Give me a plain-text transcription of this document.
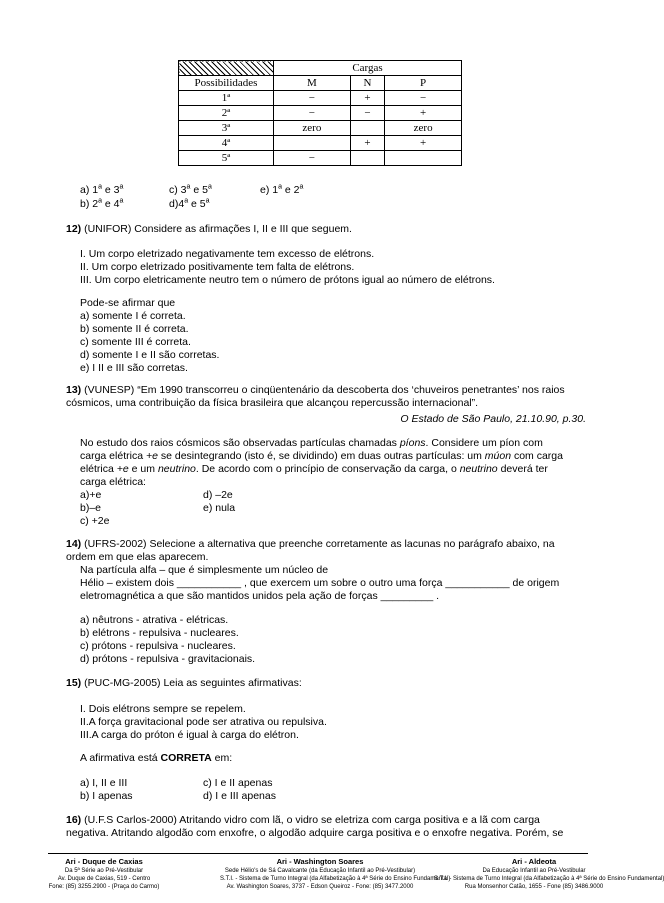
	Cargas		
Possibilidades	M	N	P
1ª	−	+	−
2ª	−	−	+
3ª	zero		zero
4ª		+	+
5ª	−		
a) 1$^a$ e 3$^a$	c) 3$^a$ e 5$^a$	e) 1$^a$ e 2$^a$
b) 2$^a$ e 4$^a$	d)4$^a$ e 5$^a$
12) (UNIFOR) Considere as afirmações I, II e III que seguem.
I. Um corpo eletrizado negativamente tem excesso de elétrons.
II. Um corpo eletrizado positivamente tem falta de elétrons.
III. Um corpo eletricamente neutro tem o número de prótons igual ao número de elétrons.
Pode-se afirmar que
a) somente I é correta.
b) somente II é correta.
c) somente III é correta.
d) somente I e II são corretas.
e) I II e III são corretas.
13) (VUNESP) “Em 1990 transcorreu o cinqüentenário da descoberta dos ‘chuveiros penetrantes’ nos raios
cósmicos, uma contribuição da física brasileira que alcançou repercussão internacional”.
O Estado de São Paulo, 21.10.90, p.30.
No estudo dos raios cósmicos são observadas partículas chamadas píons. Considere um píon com
carga elétrica +e se desintegrando (isto é, se dividindo) em duas outras partículas: um múon com carga
elétrica +e e um neutrino. De acordo com o princípio de conservação da carga, o neutrino deverá ter
carga elétrica:
a)+e	d) –2e
b)–e	e) nula
c) +2e
14) (UFRS-2002) Selecione a alternativa que preenche corretamente as lacunas no parágrafo abaixo, na
ordem em que elas aparecem.
Na partícula alfa – que é simplesmente um núcleo de
Hélio – existem dois ___________ , que exercem um sobre o outro uma força ___________ de origem
eletromagnética a que são mantidos unidos pela ação de forças _________ .
a) nêutrons - atrativa - elétricas.
b) elétrons - repulsiva - nucleares.
c) prótons - repulsiva - nucleares.
d) prótons - repulsiva - gravitacionais.
15) (PUC-MG-2005) Leia as seguintes afirmativas:
I. Dois elétrons sempre se repelem.
II.A força gravitacional pode ser atrativa ou repulsiva.
III.A carga do próton é igual à carga do elétron.
A afirmativa está CORRETA em:
a) I, II e III	c) I e II apenas
b) I apenas	d) I e III apenas
16) (U.F.S Carlos-2000) Atritando vidro com lã, o vidro se eletriza com carga positiva e a lã com carga
negativa. Atritando algodão com enxofre, o algodão adquire carga positiva e o enxofre negativa. Porém, se
Ari - Duque de Caxias
Da 5ª Série ao Pré-Vestibular
Av. Duque de Caxias, 519 - Centro
Fone: (85) 3255.2900 - (Praça do Carmo)
Ari - Washington Soares
Sede Hélio's de Sá Cavalcante (da Educação Infantil ao Pré-Vestibular)
S.T.I. - Sistema de Turno Integral (da Alfabetização à 4ª Série do Ensino Fundamental)
Av. Washington Soares, 3737 - Edson Queiroz - Fone: (85) 3477.2000
Ari - Aldeota
Da Educação Infantil ao Pré-Vestibular
S.T.I. - Sistema de Turno Integral (da Alfabetização à 4ª Série do Ensino Fundamental)
Rua Monsenhor Catão, 1655 - Fone (85) 3486.9000
